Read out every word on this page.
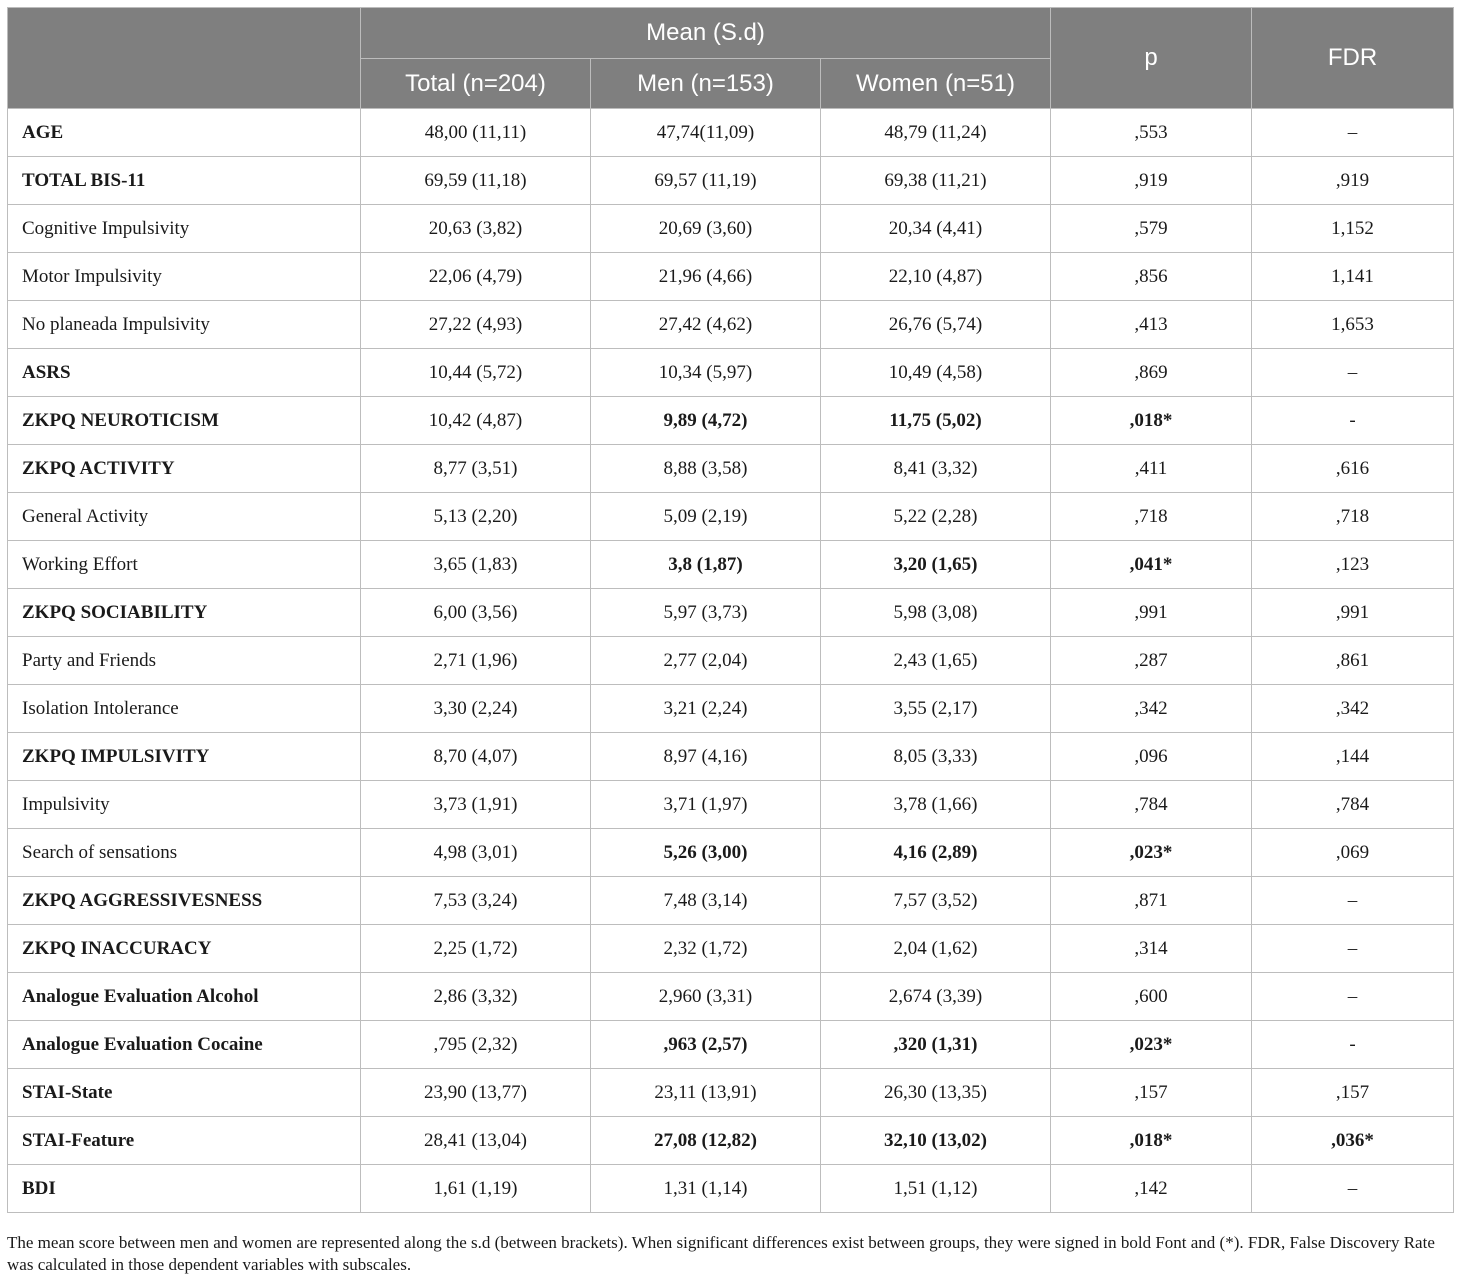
	Mean (S.d)			p	FDR
	Total (n=204)	Men (n=153)	Women (n=51)		
AGE	48,00 (11,11)	47,74(11,09)	48,79 (11,24)	,553	–
TOTAL BIS-11	69,59 (11,18)	69,57 (11,19)	69,38 (11,21)	,919	,919
Cognitive Impulsivity	20,63 (3,82)	20,69 (3,60)	20,34 (4,41)	,579	1,152
Motor Impulsivity	22,06 (4,79)	21,96 (4,66)	22,10 (4,87)	,856	1,141
No planeada Impulsivity	27,22 (4,93)	27,42 (4,62)	26,76 (5,74)	,413	1,653
ASRS	10,44 (5,72)	10,34 (5,97)	10,49 (4,58)	,869	–
ZKPQ NEUROTICISM	10,42 (4,87)	9,89 (4,72)	11,75 (5,02)	,018*	-
ZKPQ ACTIVITY	8,77 (3,51)	8,88 (3,58)	8,41 (3,32)	,411	,616
General Activity	5,13 (2,20)	5,09 (2,19)	5,22 (2,28)	,718	,718
Working Effort	3,65 (1,83)	3,8 (1,87)	3,20 (1,65)	,041*	,123
ZKPQ SOCIABILITY	6,00 (3,56)	5,97 (3,73)	5,98 (3,08)	,991	,991
Party and Friends	2,71 (1,96)	2,77 (2,04)	2,43 (1,65)	,287	,861
Isolation Intolerance	3,30 (2,24)	3,21 (2,24)	3,55 (2,17)	,342	,342
ZKPQ IMPULSIVITY	8,70 (4,07)	8,97 (4,16)	8,05 (3,33)	,096	,144
Impulsivity	3,73 (1,91)	3,71 (1,97)	3,78 (1,66)	,784	,784
Search of sensations	4,98 (3,01)	5,26 (3,00)	4,16 (2,89)	,023*	,069
ZKPQ AGGRESSIVESNESS	7,53 (3,24)	7,48 (3,14)	7,57 (3,52)	,871	–
ZKPQ INACCURACY	2,25 (1,72)	2,32 (1,72)	2,04 (1,62)	,314	–
Analogue Evaluation Alcohol	2,86 (3,32)	2,960 (3,31)	2,674 (3,39)	,600	–
Analogue Evaluation Cocaine	,795 (2,32)	,963 (2,57)	,320 (1,31)	,023*	-
STAI-State	23,90 (13,77)	23,11 (13,91)	26,30 (13,35)	,157	,157
STAI-Feature	28,41 (13,04)	27,08 (12,82)	32,10 (13,02)	,018*	,036*
BDI	1,61 (1,19)	1,31 (1,14)	1,51 (1,12)	,142	–
The mean score between men and women are represented along the s.d (between brackets). When significant differences exist between groups, they were signed in bold Font and (*). FDR, False Discovery Rate was calculated in those dependent variables with subscales.
